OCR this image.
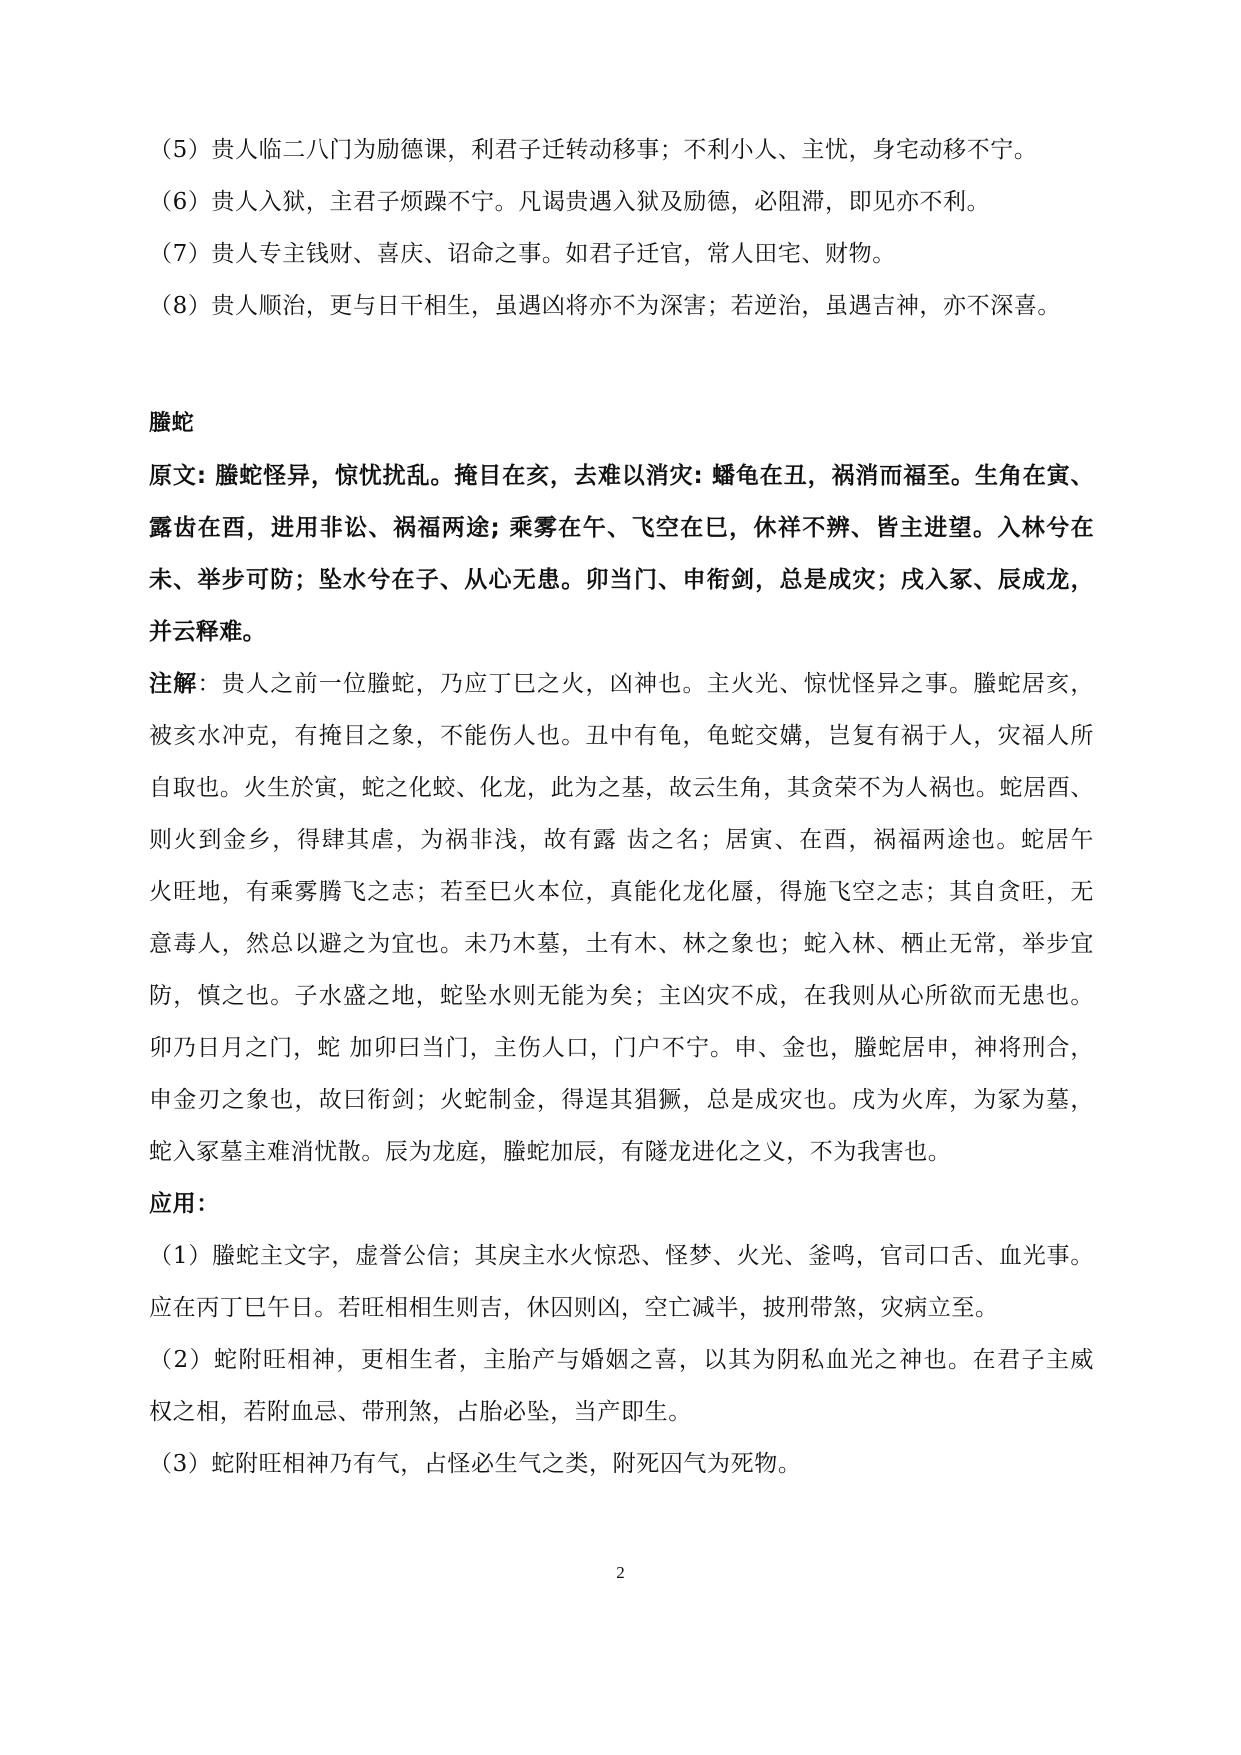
（5）贵人临二八门为励德课，利君子迁转动移事；不利小人、主忧，身宅动移不宁。
（6）贵人入狱，主君子烦躁不宁。凡谒贵遇入狱及励德，必阻滞，即见亦不利。
（7）贵人专主钱财、喜庆、诏命之事。如君子迁官，常人田宅、财物。
（8）贵人顺治，更与日干相生，虽遇凶将亦不为深害；若逆治，虽遇吉神，亦不深喜。
螣蛇
原文: 螣蛇怪异，惊忧扰乱。掩目在亥，去难以消灾: 蟠龟在丑，祸消而福至。生角在寅、
露齿在酉，进用非讼、祸福两途; 乘雾在午、飞空在巳，休祥不辨、皆主进望。入林兮在
未、举步可防；坠水兮在子、从心无患。卯当门、申衔剑，总是成灾；戌入冢、辰成龙，
并云释难。
注解：贵人之前一位螣蛇，乃应丁巳之火，凶神也。主火光、惊忧怪异之事。螣蛇居亥，
被亥水冲克，有掩目之象，不能伤人也。丑中有龟，龟蛇交媾，岂复有祸于人，灾福人所
自取也。火生於寅，蛇之化蛟、化龙，此为之基，故云生角，其贪荣不为人祸也。蛇居酉、
则火到金乡，得肆其虐，为祸非浅，故有露 齿之名；居寅、在酉，祸福两途也。蛇居午
火旺地，有乘雾腾飞之志；若至巳火本位，真能化龙化蜃，得施飞空之志；其自贪旺，无
意毒人，然总以避之为宜也。未乃木墓，土有木、林之象也；蛇入林、栖止无常，举步宜
防，慎之也。子水盛之地，蛇坠水则无能为矣；主凶灾不成，在我则从心所欲而无患也。
卯乃日月之门，蛇 加卯曰当门，主伤人口，门户不宁。申、金也，螣蛇居申，神将刑合，
申金刃之象也，故曰衔剑；火蛇制金，得逞其猖獗，总是成灾也。戌为火库，为冢为墓，
蛇入冢墓主难消忧散。辰为龙庭，螣蛇加辰，有隧龙进化之义，不为我害也。
应用：
（1）螣蛇主文字，虚誉公信；其戾主水火惊恐、怪梦、火光、釜鸣，官司口舌、血光事。
应在丙丁巳午日。若旺相相生则吉，休囚则凶，空亡减半，披刑带煞，灾病立至。
（2）蛇附旺相神，更相生者，主胎产与婚姻之喜，以其为阴私血光之神也。在君子主威
权之相，若附血忌、带刑煞，占胎必坠，当产即生。
（3）蛇附旺相神乃有气，占怪必生气之类，附死囚气为死物。
2
